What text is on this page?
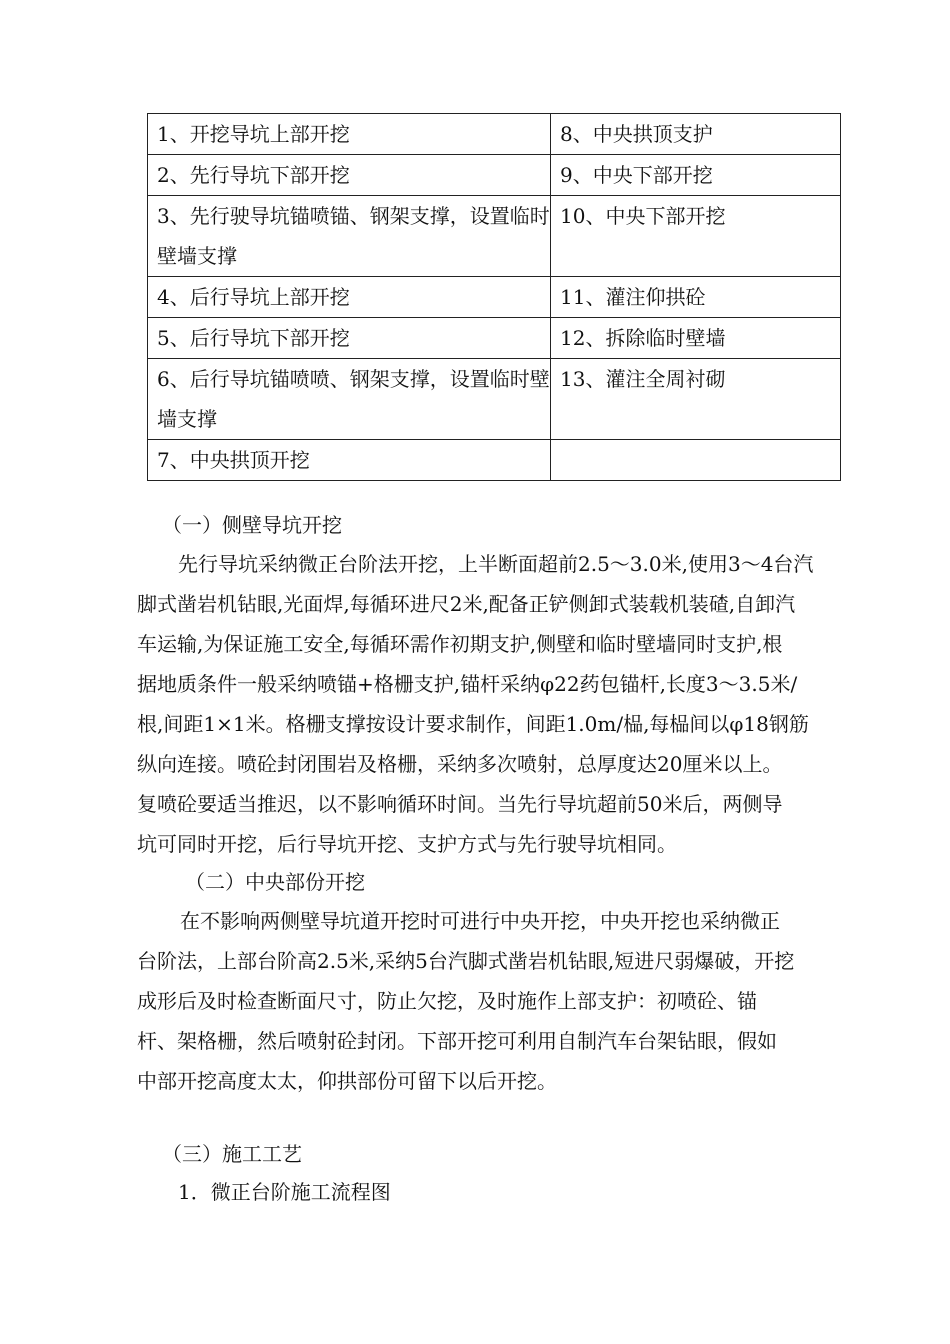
1、开挖导坑上部开挖	8、中央拱顶支护
2、先行导坑下部开挖	9、中央下部开挖
3、先行驶导坑锚喷锚、钢架支撑，设置临时壁墙支撑	10、中央下部开挖
4、后行导坑上部开挖	11、灌注仰拱砼
5、后行导坑下部开挖	12、拆除临时壁墙
6、后行导坑锚喷喷、钢架支撑，设置临时壁墙支撑	13、灌注全周衬砌
7、中央拱顶开挖	
（一）侧壁导坑开挖
先行导坑采纳微正台阶法开挖，上半断面超前2.5～3.0米,使用3～4台汽
脚式凿岩机钻眼,光面焊,每循环进尺2米,配备正铲侧卸式装载机装碴,自卸汽
车运输,为保证施工安全,每循环需作初期支护,侧壁和临时壁墙同时支护,根
据地质条件一般采纳喷锚+格栅支护,锚杆采纳φ22药包锚杆,长度3～3.5米/
根,间距1×1米。格栅支撑按设计要求制作，间距1.0m/榀,每榀间以φ18钢筋
纵向连接。喷砼封闭围岩及格栅，采纳多次喷射，总厚度达20厘米以上。
复喷砼要适当推迟，以不影响循环时间。当先行导坑超前50米后，两侧导
坑可同时开挖，后行导坑开挖、支护方式与先行驶导坑相同。
（二）中央部份开挖
在不影响两侧壁导坑道开挖时可进行中央开挖，中央开挖也采纳微正
台阶法，上部台阶高2.5米,采纳5台汽脚式凿岩机钻眼,短进尺弱爆破，开挖
成形后及时检查断面尺寸，防止欠挖，及时施作上部支护：初喷砼、锚
杆、架格栅，然后喷射砼封闭。下部开挖可利用自制汽车台架钻眼，假如
中部开挖高度太太，仰拱部份可留下以后开挖。
（三）施工工艺
1．微正台阶施工流程图
